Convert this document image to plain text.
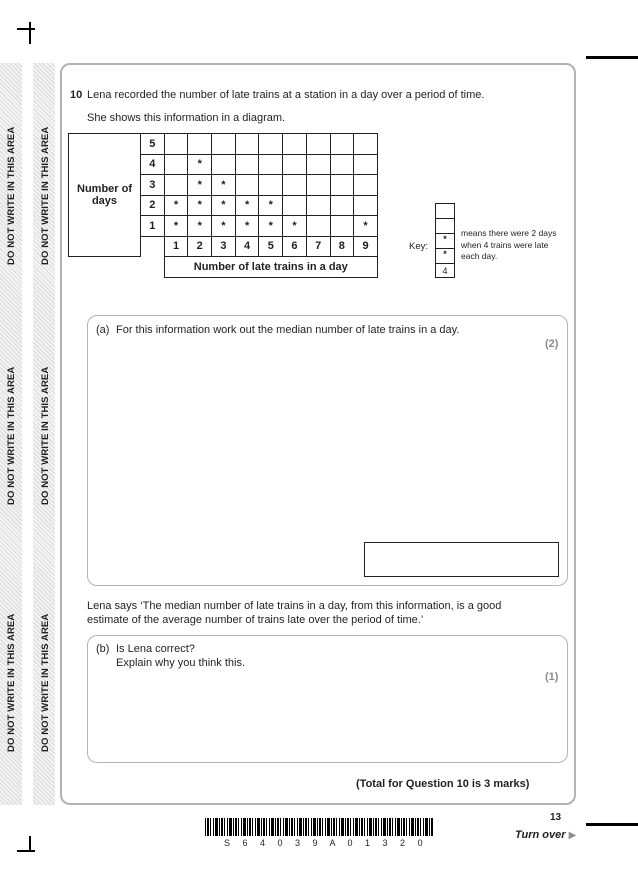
DO NOT WRITE IN THIS AREA
DO NOT WRITE IN THIS AREA
DO NOT WRITE IN THIS AREA
DO NOT WRITE IN THIS AREA
DO NOT WRITE IN THIS AREA
DO NOT WRITE IN THIS AREA
10 Lena recorded the number of late trains at a station in a day over a period of time.
She shows this information in a diagram.
Number of days	5									
	4		*							
	3		*	*						
	2	*	*	*	*	*				
	1	*	*	*	*	*	*			*
		1	2	3	4	5	6	7	8	9
		Number of late trains in a day								
Key:
*
*
4
means there were 2 days
when 4 trains were late
each day.
(a) For this information work out the median number of late trains in a day.
(2)
Lena says ‘The median number of late trains in a day, from this information, is a good
estimate of the average number of trains late over the period of time.’
(b) Is Lena correct?
Explain why you think this.
(1)
(Total for Question 10 is 3 marks)
13
S 6 4 0 3 9 A 0 1 3 2 0
Turn over ▶
